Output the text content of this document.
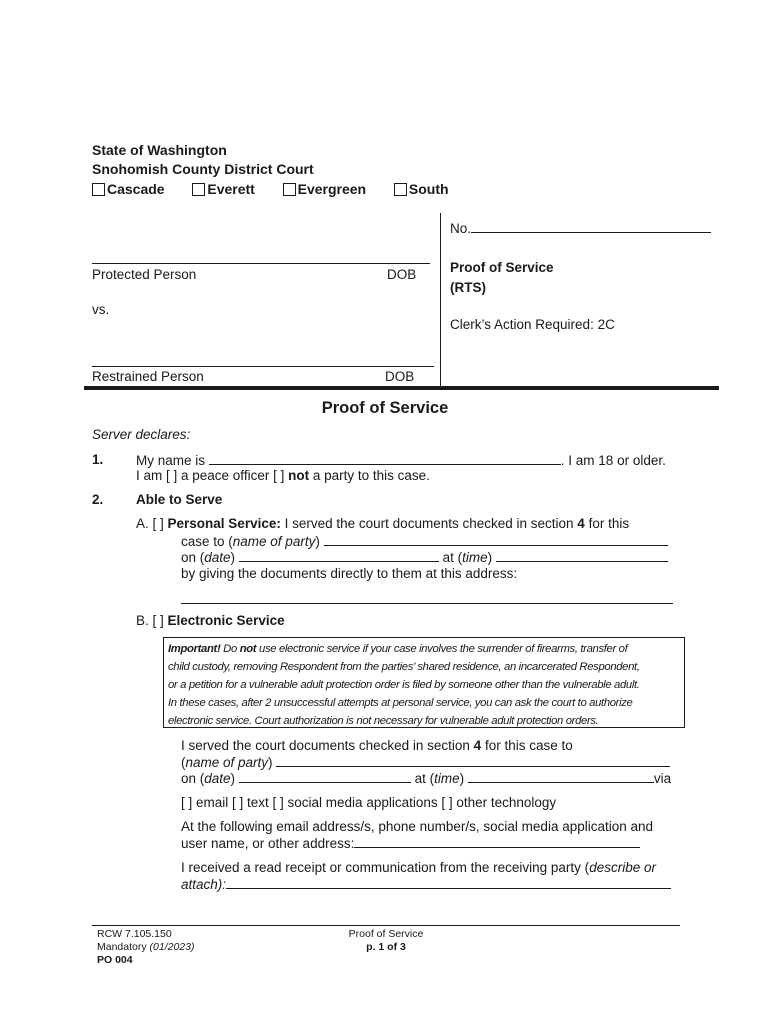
State of Washington
Snohomish County District Court
Cascade	Everett	Evergreen	South
No.
Protected Person	DOB Proof of Service
(RTS)
vs.
Clerk’s Action Required: 2C
Restrained Person	DOB
Proof of Service
Server declares:
1. My name is	. I am 18 or older.
I am [ ] a peace officer [ ] not a party to this case.
2. Able to Serve
A. [ ] Personal Service: I served the court documents checked in section 4 for this
case to (name of party)
on (date)	at (time)
by giving the documents directly to them at this address:
B. [ ] Electronic Service
Important! Do not use electronic service if your case involves the surrender of firearms, transfer of
child custody, removing Respondent from the parties’ shared residence, an incarcerated Respondent,
or a petition for a vulnerable adult protection order is filed by someone other than the vulnerable adult.
In these cases, after 2 unsuccessful attempts at personal service, you can ask the court to authorize
electronic service. Court authorization is not necessary for vulnerable adult protection orders.
I served the court documents checked in section 4 for this case to
(name of party)
on (date)	at (time)	via
[ ] email [ ] text [ ] social media applications [ ] other technology
At the following email address/s, phone number/s, social media application and
user name, or other address:
I received a read receipt or communication from the receiving party (describe or
attach):
RCW 7.105.150
Mandatory (01/2023)
PO 004
Proof of Service
p. 1 of 3
